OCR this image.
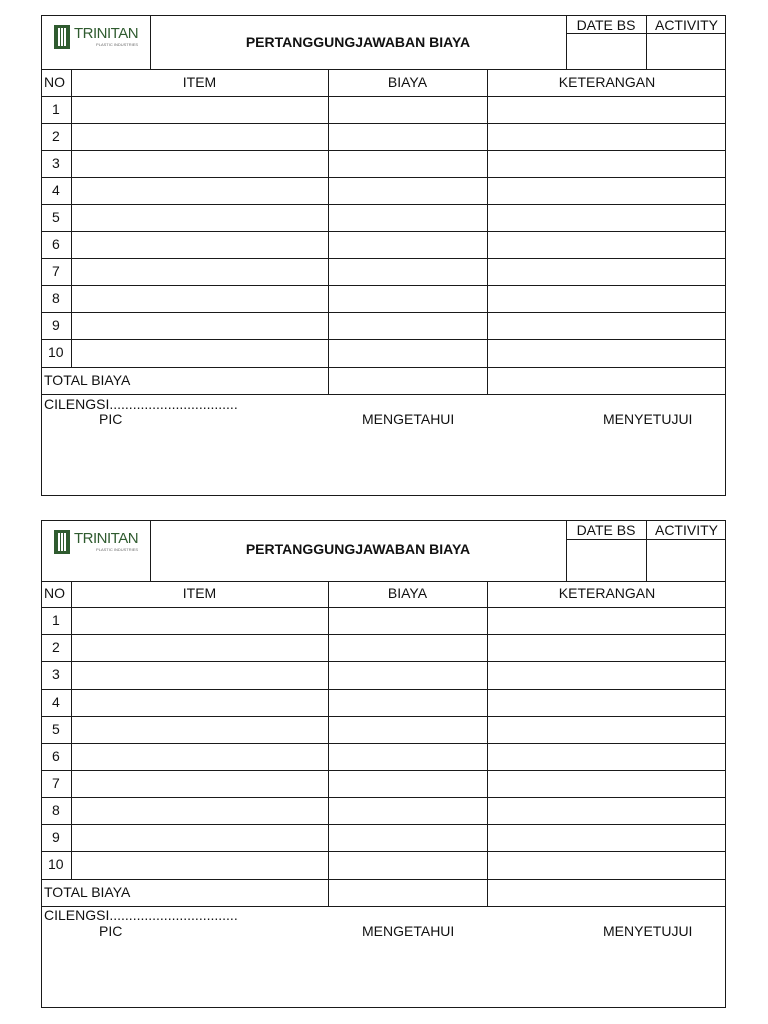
TRINITAN
PLASTIC INDUSTRIES	PERTANGGUNGJAWABAN BIAYA
DATE BS	ACTIVITY
NO	ITEM	BIAYA	KETERANGAN
1
2
3
4
5
6
7
8
9
10
TOTAL BIAYA
CILENGSI.................................
PIC	MENGETAHUI	MENYETUJUI
TRINITAN
PLASTIC INDUSTRIES	PERTANGGUNGJAWABAN BIAYA
DATE BS	ACTIVITY
NO	ITEM	BIAYA	KETERANGAN
1
2
3
4
5
6
7
8
9
10
TOTAL BIAYA
CILENGSI.................................
PIC	MENGETAHUI	MENYETUJUI
